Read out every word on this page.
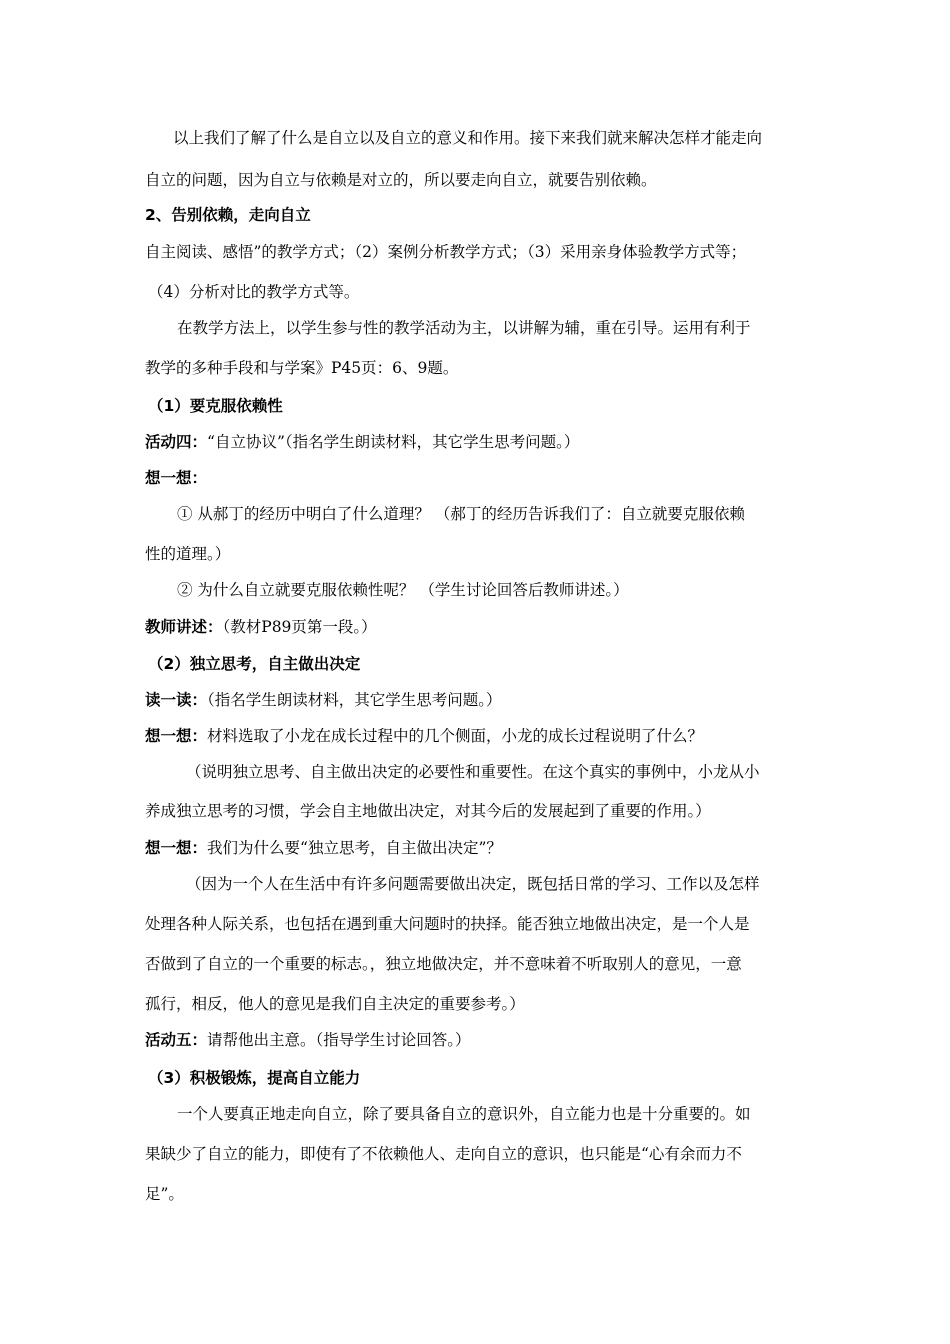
以上我们了解了什么是自立以及自立的意义和作用。接下来我们就来解决怎样才能走向
自立的问题，因为自立与依赖是对立的，所以要走向自立，就要告别依赖。
2、告别依赖，走向自立
自主阅读、感悟”的教学方式；（2）案例分析教学方式；（3）采用亲身体验教学方式等；
（4）分析对比的教学方式等。
在教学方法上，以学生参与性的教学活动为主，以讲解为辅，重在引导。运用有利于
教学的多种手段和与学案》P45页：6、9题。
（1）要克服依赖性
活动四：“自立协议”（指名学生朗读材料，其它学生思考问题。）
想一想：
① 从郝丁的经历中明白了什么道理？ （郝丁的经历告诉我们了：自立就要克服依赖
性的道理。）
② 为什么自立就要克服依赖性呢？ （学生讨论回答后教师讲述。）
教师讲述：（教材P89页第一段。）
（2）独立思考，自主做出决定
读一读：（指名学生朗读材料，其它学生思考问题。）
想一想：材料选取了小龙在成长过程中的几个侧面，小龙的成长过程说明了什么？
（说明独立思考、自主做出决定的必要性和重要性。在这个真实的事例中，小龙从小
养成独立思考的习惯，学会自主地做出决定，对其今后的发展起到了重要的作用。）
想一想：我们为什么要“独立思考，自主做出决定”？
（因为一个人在生活中有许多问题需要做出决定，既包括日常的学习、工作以及怎样
处理各种人际关系，也包括在遇到重大问题时的抉择。能否独立地做出决定，是一个人是
否做到了自立的一个重要的标志。，独立地做决定，并不意味着不听取别人的意见，一意
孤行，相反，他人的意见是我们自主决定的重要参考。）
活动五：请帮他出主意。（指导学生讨论回答。）
（3）积极锻炼，提高自立能力
一个人要真正地走向自立，除了要具备自立的意识外，自立能力也是十分重要的。如
果缺少了自立的能力，即使有了不依赖他人、走向自立的意识，也只能是“心有余而力不
足”。
